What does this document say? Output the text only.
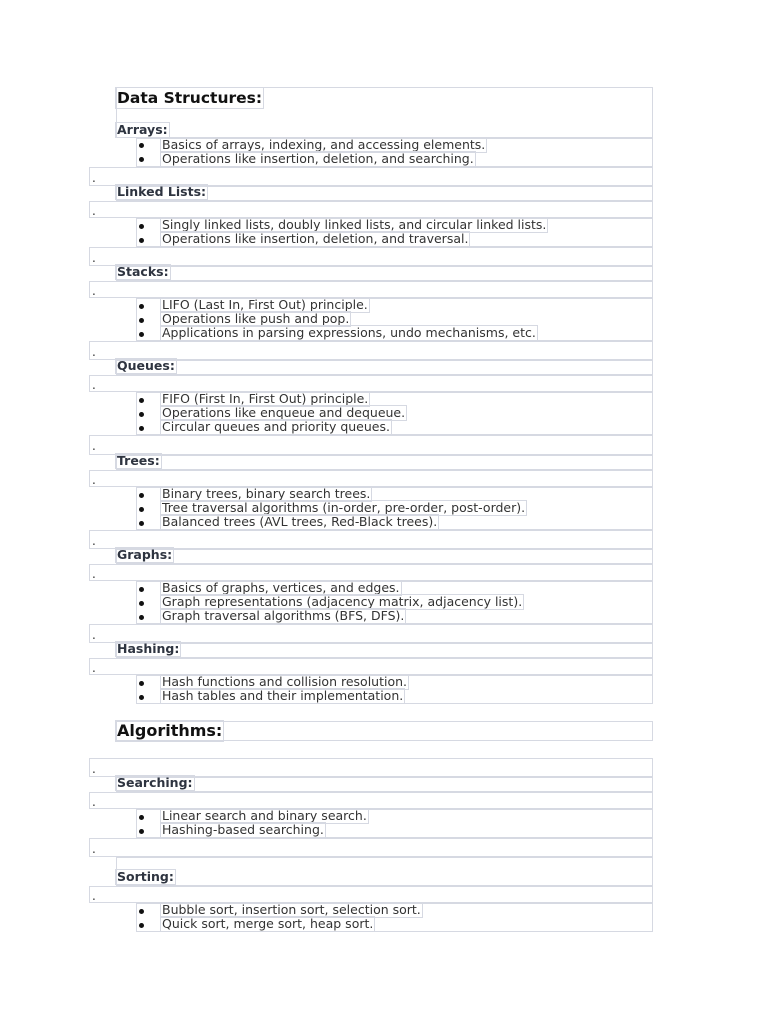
Data Structures:
Arrays:
Basics of arrays, indexing, and accessing elements.
Operations like insertion, deletion, and searching.
.
Linked Lists:
.
Singly linked lists, doubly linked lists, and circular linked lists.
Operations like insertion, deletion, and traversal.
.
Stacks:
.
LIFO (Last In, First Out) principle.
Operations like push and pop.
Applications in parsing expressions, undo mechanisms, etc.
.
Queues:
.
FIFO (First In, First Out) principle.
Operations like enqueue and dequeue.
Circular queues and priority queues.
.
Trees:
.
Binary trees, binary search trees.
Tree traversal algorithms (in-order, pre-order, post-order).
Balanced trees (AVL trees, Red-Black trees).
.
Graphs:
.
Basics of graphs, vertices, and edges.
Graph representations (adjacency matrix, adjacency list).
Graph traversal algorithms (BFS, DFS).
.
Hashing:
.
Hash functions and collision resolution.
Hash tables and their implementation.
Algorithms:
.
Searching:
.
Linear search and binary search.
Hashing-based searching.
.
Sorting:
.
Bubble sort, insertion sort, selection sort.
Quick sort, merge sort, heap sort.
